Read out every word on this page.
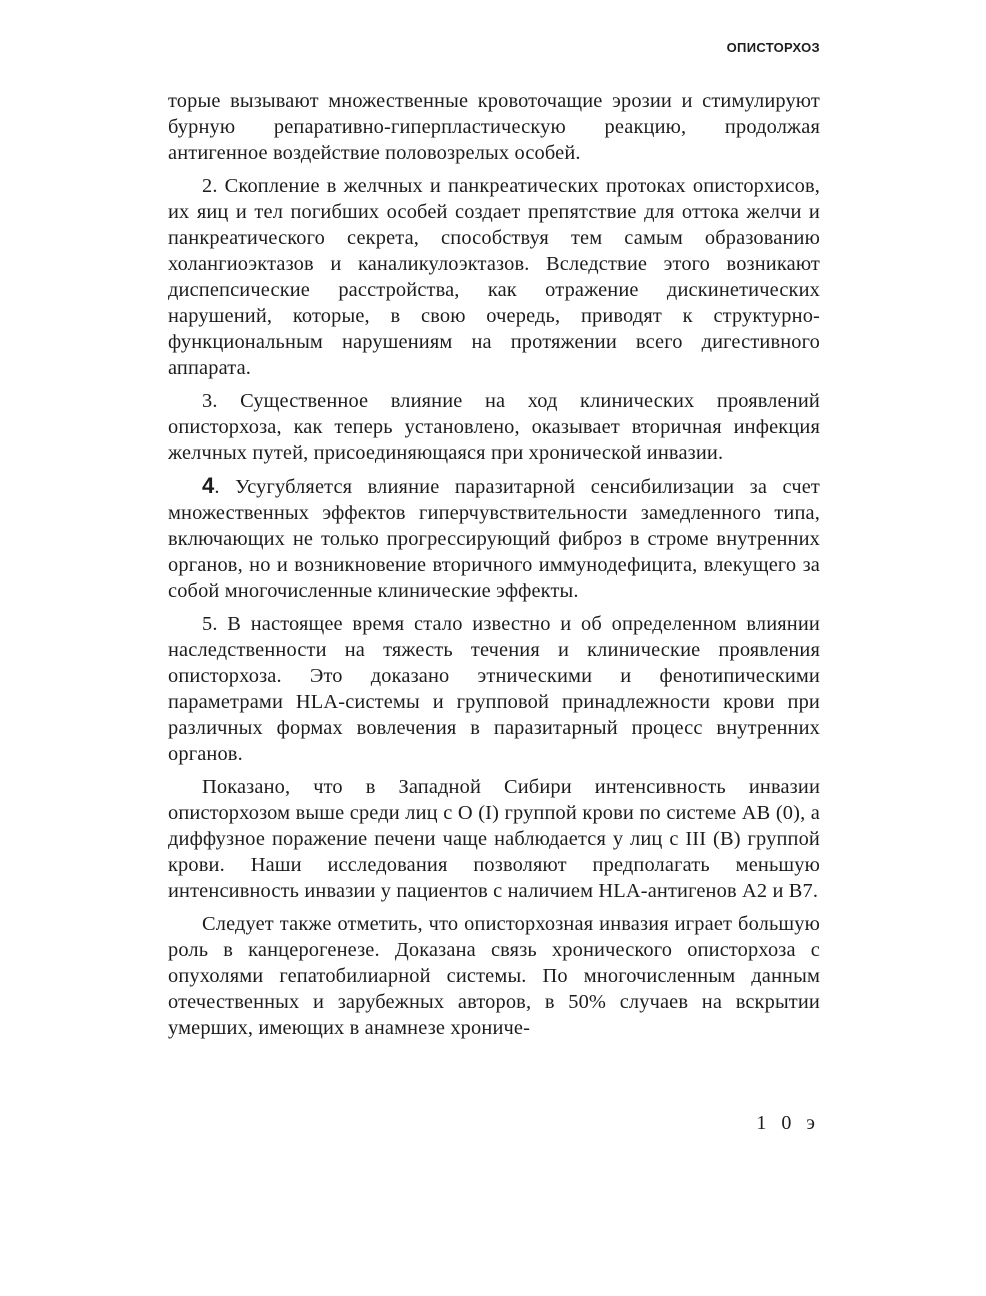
ОПИСТОРХОЗ

торые вызывают множественные кровоточащие эрозии и стимулируют бурную репаративно-гиперпластическую реакцию, продолжая антигенное воздействие половозрелых особей.

2. Скопление в желчных и панкреатических протоках описторхисов, их яиц и тел погибших особей создает препятствие для оттока желчи и панкреатического секрета, способствуя тем самым образованию холангиоэктазов и каналикулоэктазов. Вследствие этого возникают диспепсические расстройства, как отражение дискинетических нарушений, которые, в свою очередь, приводят к структурно-функциональным нарушениям на протяжении всего дигестивного аппарата.

3. Существенное влияние на ход клинических проявлений описторхоза, как теперь установлено, оказывает вторичная инфекция желчных путей, присоединяющаяся при хронической инвазии.

4. Усугубляется влияние паразитарной сенсибилизации за счет множественных эффектов гиперчувствительности замедленного типа, включающих не только прогрессирующий фиброз в строме внутренних органов, но и возникновение вторичного иммунодефицита, влекущего за собой многочисленные клинические эффекты.

5. В настоящее время стало известно и об определенном влиянии наследственности на тяжесть течения и клинические проявления описторхоза. Это доказано этническими и фенотипическими параметрами HLA-системы и групповой принадлежности крови при различных формах вовлечения в паразитарный процесс внутренних органов.

Показано, что в Западной Сибири интенсивность инвазии описторхозом выше среди лиц с O (I) группой крови по системе AB (0), а диффузное поражение печени чаще наблюдается у лиц с III (B) группой крови. Наши исследования позволяют предполагать меньшую интенсивность инвазии у пациентов с наличием HLA-антигенов A2 и B7.

Следует также отметить, что описторхозная инвазия играет большую роль в канцерогенезе. Доказана связь хронического описторхоза с опухолями гепатобилиарной системы. По многочисленным данным отечественных и зарубежных авторов, в 50% случаев на вскрытии умерших, имеющих в анамнезе хрониче-

1 0 э
